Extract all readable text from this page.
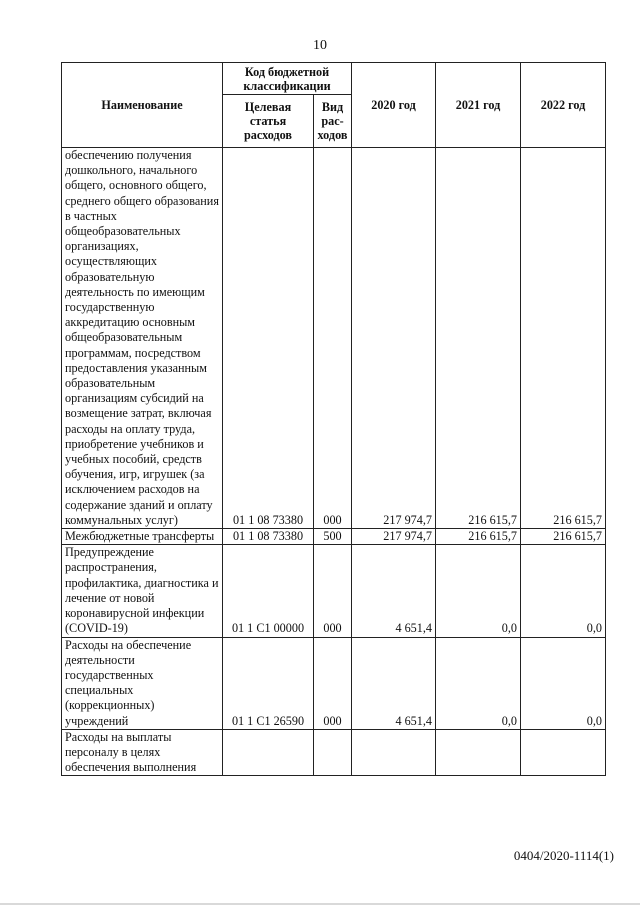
10
Наименование	Код бюджетной классификации		2020 год	2021 год	2022 год
	Целевая статья расходов	Вид рас-ходов			
обеспечению получения дошкольного, начального общего, основного общего, среднего общего образования в частных общеобразовательных организациях, осуществляющих образовательную деятельность по имеющим государственную аккредитацию основным общеобразовательным программам, посредством предоставления указанным образовательным организациям субсидий на возмещение затрат, включая расходы на оплату труда, приобретение учебников и учебных пособий, средств обучения, игр, игрушек (за исключением расходов на содержание зданий и оплату коммунальных услуг)	01 1 08 73380	000	217 974,7	216 615,7	216 615,7
Межбюджетные трансферты	01 1 08 73380	500	217 974,7	216 615,7	216 615,7
Предупреждение распространения, профилактика, диагностика и лечение от новой коронавирусной инфекции (COVID-19)	01 1 C1 00000	000	4 651,4	0,0	0,0
Расходы на обеспечение деятельности государственных специальных (коррекционных) учреждений	01 1 C1 26590	000	4 651,4	0,0	0,0
Расходы на выплаты персоналу в целях обеспечения выполнения					
0404/2020-1114(1)
